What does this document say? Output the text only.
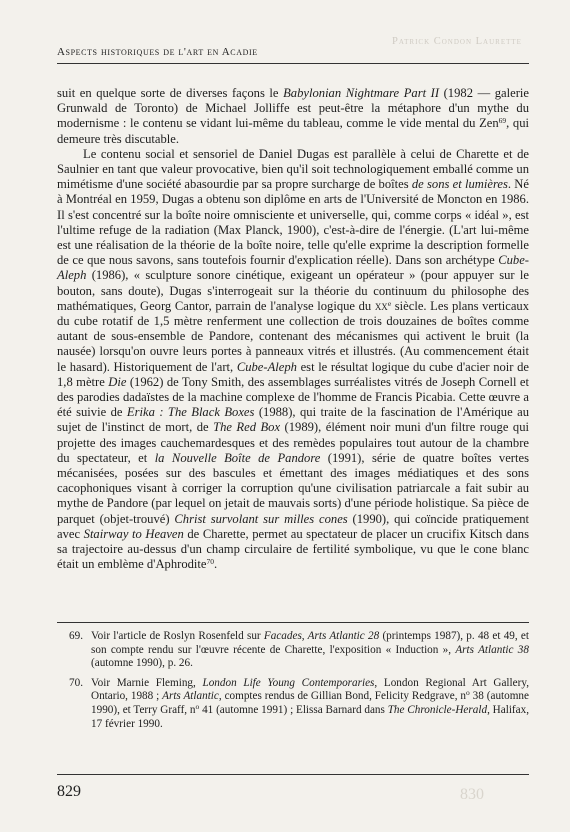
Patrick Condon Laurette
830
Aspects historiques de l'art en Acadie

suit en quelque sorte de diverses façons le Babylonian Nightmare Part II (1982 — galerie Grunwald de Toronto) de Michael Jolliffe est peut-être la métaphore d'un mythe du modernisme : le contenu se vidant lui-même du tableau, comme le vide mental du Zen$^{69}$, qui demeure très discutable.

Le contenu social et sensoriel de Daniel Dugas est parallèle à celui de Charette et de Saulnier en tant que valeur provocative, bien qu'il soit technologiquement emballé comme un mimétisme d'une société abasourdie par sa propre surcharge de boîtes de sons et lumières. Né à Montréal en 1959, Dugas a obtenu son diplôme en arts de l'Université de Moncton en 1986. Il s'est concentré sur la boîte noire omnisciente et universelle, qui, comme corps « idéal », est l'ultime refuge de la radiation (Max Planck, 1900), c'est-à-dire de l'énergie. (L'art lui-même est une réalisation de la théorie de la boîte noire, telle qu'elle exprime la description formelle de ce que nous savons, sans toutefois fournir d'explication réelle). Dans son archétype Cube-Aleph (1986), « sculpture sonore cinétique, exigeant un opérateur » (pour appuyer sur le bouton, sans doute), Dugas s'interrogeait sur la théorie du continuum du philosophe des mathématiques, Georg Cantor, parrain de l'analyse logique du $xx^e$ siècle. Les plans verticaux du cube rotatif de 1,5 mètre renferment une collection de trois douzaines de boîtes comme autant de sous-ensemble de Pandore, contenant des mécanismes qui activent le bruit (la nausée) lorsqu'on ouvre leurs portes à panneaux vitrés et illustrés. (Au commencement était le hasard). Historiquement de l'art, Cube-Aleph est le résultat logique du cube d'acier noir de 1,8 mètre Die (1962) de Tony Smith, des assemblages surréalistes vitrés de Joseph Cornell et des parodies dadaïstes de la machine complexe de l'homme de Francis Picabia. Cette œuvre a été suivie de Erika : The Black Boxes (1988), qui traite de la fascination de l'Amérique au sujet de l'instinct de mort, de The Red Box (1989), élément noir muni d'un filtre rouge qui projette des images cauchemardesques et des remèdes populaires tout autour de la chambre du spectateur, et la Nouvelle Boîte de Pandore (1991), série de quatre boîtes vertes mécanisées, posées sur des bascules et émettant des images médiatiques et des sons cacophoniques visant à corriger la corruption qu'une civilisation patriarcale a fait subir au mythe de Pandore (par lequel on jetait de mauvais sorts) d'une période holistique. Sa pièce de parquet (objet-trouvé) Christ survolant sur milles cones (1990), qui coïncide pratiquement avec Stairway to Heaven de Charette, permet au spectateur de placer un crucifix Kitsch dans sa trajectoire au-dessus d'un champ circulaire de fertilité symbolique, vu que le cone blanc était un emblème d'Aphrodite$^{70}$.

69. Voir l'article de Roslyn Rosenfeld sur Facades, Arts Atlantic 28 (printemps 1987), p. 48 et 49, et son compte rendu sur l'œuvre récente de Charette, l'exposition « Induction », Arts Atlantic 38 (automne 1990), p. 26.
70. Voir Marnie Fleming, London Life Young Contemporaries, London Regional Art Gallery, Ontario, 1988 ; Arts Atlantic, comptes rendus de Gillian Bond, Felicity Redgrave, $n^o$ 38 (automne 1990), et Terry Graff, $n^o$ 41 (automne 1991) ; Elissa Barnard dans The Chronicle-Herald, Halifax, 17 février 1990.
829
